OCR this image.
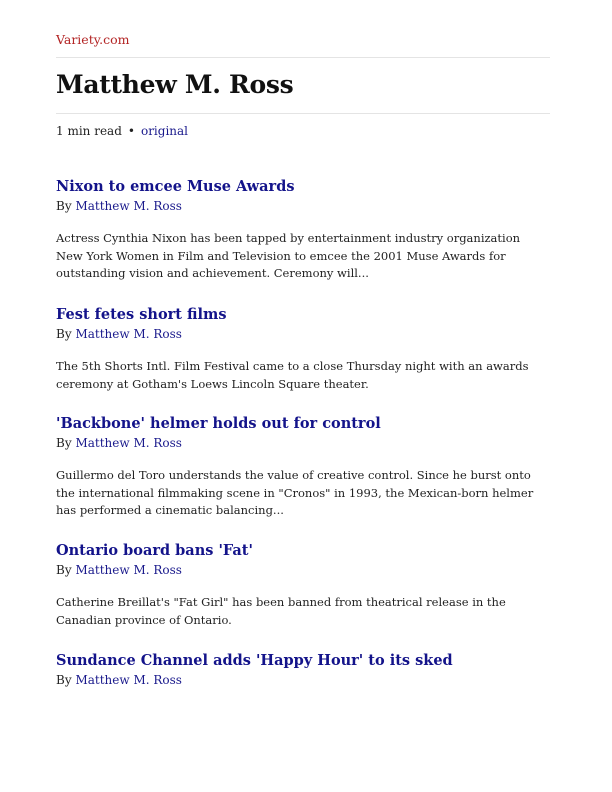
Variety.com
Matthew M. Ross
1 min read • original
Nixon to emcee Muse Awards
By Matthew M. Ross

Actress Cynthia Nixon has been tapped by entertainment industry organization New York Women in Film and Television to emcee the 2001 Muse Awards for outstanding vision and achievement. Ceremony will...

Fest fetes short films
By Matthew M. Ross

The 5th Shorts Intl. Film Festival came to a close Thursday night with an awards ceremony at Gotham's Loews Lincoln Square theater.

'Backbone' helmer holds out for control
By Matthew M. Ross

Guillermo del Toro understands the value of creative control. Since he burst onto the international filmmaking scene in "Cronos" in 1993, the Mexican-born helmer has performed a cinematic balancing...

Ontario board bans 'Fat'
By Matthew M. Ross

Catherine Breillat's "Fat Girl" has been banned from theatrical release in the Canadian province of Ontario.

Sundance Channel adds 'Happy Hour' to its sked
By Matthew M. Ross
